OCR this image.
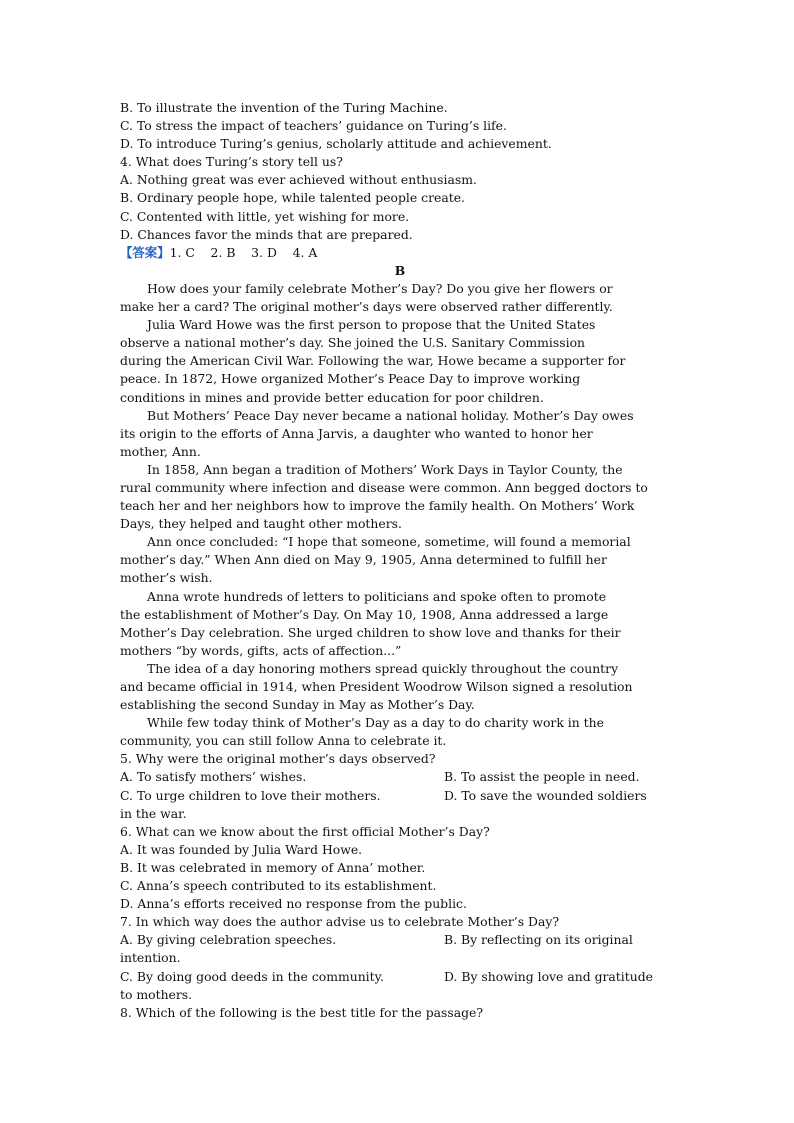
B. To illustrate the invention of the Turing Machine.
C. To stress the impact of teachers’ guidance on Turing’s life.
D. To introduce Turing’s genius, scholarly attitude and achievement.
4. What does Turing’s story tell us?
A. Nothing great was ever achieved without enthusiasm.
B. Ordinary people hope, while talented people create.
C. Contented with little, yet wishing for more.
D. Chances favor the minds that are prepared.
【答案】1. C    2. B    3. D    4. A
B
How does your family celebrate Mother’s Day? Do you give her flowers or
make her a card? The original mother’s days were observed rather differently.
Julia Ward Howe was the first person to propose that the United States
observe a national mother’s day. She joined the U.S. Sanitary Commission
during the American Civil War. Following the war, Howe became a supporter for
peace. In 1872, Howe organized Mother’s Peace Day to improve working
conditions in mines and provide better education for poor children.
But Mothers’ Peace Day never became a national holiday. Mother’s Day owes
its origin to the efforts of Anna Jarvis, a daughter who wanted to honor her
mother, Ann.
In 1858, Ann began a tradition of Mothers’ Work Days in Taylor County, the
rural community where infection and disease were common. Ann begged doctors to
teach her and her neighbors how to improve the family health. On Mothers’ Work
Days, they helped and taught other mothers.
Ann once concluded: “I hope that someone, sometime, will found a memorial
mother’s day.” When Ann died on May 9, 1905, Anna determined to fulfill her
mother’s wish.
Anna wrote hundreds of letters to politicians and spoke often to promote
the establishment of Mother’s Day. On May 10, 1908, Anna addressed a large
Mother’s Day celebration. She urged children to show love and thanks for their
mothers “by words, gifts, acts of affection...”
The idea of a day honoring mothers spread quickly throughout the country
and became official in 1914, when President Woodrow Wilson signed a resolution
establishing the second Sunday in May as Mother’s Day.
While few today think of Mother’s Day as a day to do charity work in the
community, you can still follow Anna to celebrate it.
5. Why were the original mother’s days observed?
A. To satisfy mothers’ wishes.	B. To assist the people in need.
C. To urge children to love their mothers.	D. To save the wounded soldiers
in the war.
6. What can we know about the first official Mother’s Day?
A. It was founded by Julia Ward Howe.
B. It was celebrated in memory of Anna’ mother.
C. Anna’s speech contributed to its establishment.
D. Anna’s efforts received no response from the public.
7. In which way does the author advise us to celebrate Mother’s Day?
A. By giving celebration speeches.	B. By reflecting on its original
intention.
C. By doing good deeds in the community.	D. By showing love and gratitude
to mothers.
8. Which of the following is the best title for the passage?
